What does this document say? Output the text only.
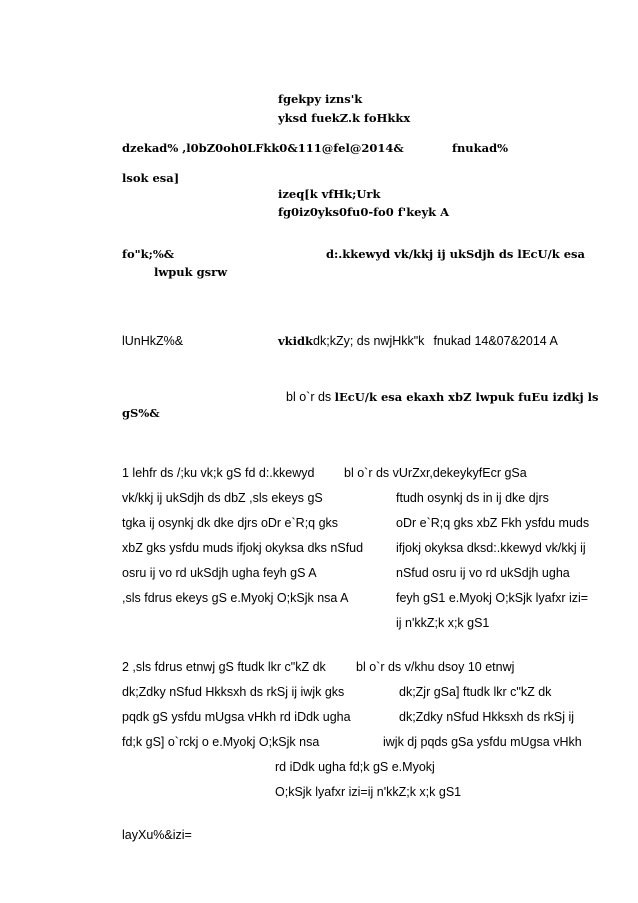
fgekpy izns'k
yksd fuekZ.k foHkkx
dzekad% ,l0bZ0oh0LFkk0&111@fel@2014&	fnukad%
lsok esa]
izeq[k vfHk;Urk
fg0iz0yks0fu0-fo0 f'keyk A
fo"k;%&	d:.kkewyd vk/kkj ij ukSdjh ds lEcU/k esa
lwpuk gsrw
lUnHkZ%&	vkidkdk;kZy; ds nwjHkk"k fnukad 14&07&2014 A
bl o`r ds lEcU/k esa ekaxh xbZ lwpuk fuEu izdkj ls
gS%&
1 lehfr ds /;ku vk;k gS fd d:.kkewyd
vk/kkj ij ukSdjh ds dbZ ,sls ekeys gS
tgka ij osynkj dk dke djrs oDr e`R;q gks
xbZ gks ysfdu muds ifjokj okyksa dks nSfud
osru ij vo rd ukSdjh ugha feyh gS A
,sls fdrus ekeys gS e.Myokj O;kSjk nsa A
bl o`r ds vUrZxr,dekeykyfEcr gSa
ftudh osynkj ds in ij dke djrs
oDr e`R;q gks xbZ Fkh ysfdu muds
ifjokj okyksa dksd:.kkewyd vk/kkj ij
nSfud osru ij vo rd ukSdjh ugha
feyh gS1 e.Myokj O;kSjk lyafxr izi=
ij n'kkZ;k x;k gS1
2 ,sls fdrus etnwj gS ftudk lkr c"kZ dk
dk;Zdky nSfud Hkksxh ds rkSj ij iwjk gks
pqdk gS ysfdu mUgsa vHkh rd iDdk ugha
fd;k gS] o`rckj o e.Myokj O;kSjk nsa
bl o`r ds v/khu dsoy 10 etnwj
dk;Zjr gSa] ftudk lkr c"kZ dk
dk;Zdky nSfud Hkksxh ds rkSj ij
iwjk dj pqds gSa ysfdu mUgsa vHkh
rd iDdk ugha fd;k gS e.Myokj
O;kSjk lyafxr izi=ij n'kkZ;k x;k gS1
layXu%&izi=
